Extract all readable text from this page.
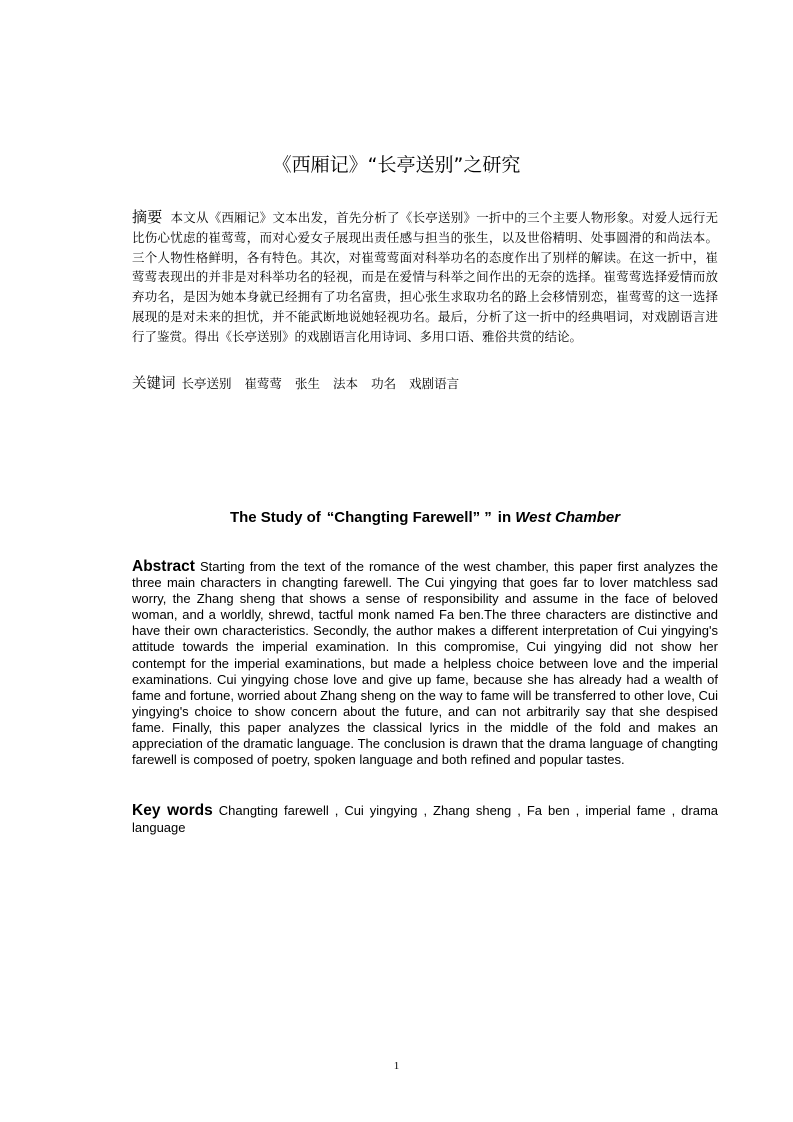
《西厢记》“长亭送别”之研究

摘要 本文从《西厢记》文本出发，首先分析了《长亭送别》一折中的三个主要人物形象。对爱人远行无比伤心忧虑的崔莺莺，而对心爱女子展现出责任感与担当的张生，以及世俗精明、处事圆滑的和尚法本。三个人物性格鲜明，各有特色。其次，对崔莺莺面对科举功名的态度作出了别样的解读。在这一折中，崔莺莺表现出的并非是对科举功名的轻视，而是在爱情与科举之间作出的无奈的选择。崔莺莺选择爱情而放弃功名，是因为她本身就已经拥有了功名富贵，担心张生求取功名的路上会移情别恋，崔莺莺的这一选择展现的是对未来的担忧，并不能武断地说她轻视功名。最后，分析了这一折中的经典唱词，对戏剧语言进行了鉴赏。得出《长亭送别》的戏剧语言化用诗词、多用口语、雅俗共赏的结论。

关键词 长亭送别 崔莺莺 张生 法本 功名 戏剧语言

The Study of “Changting Farewell” ” in West Chamber

Abstract Starting from the text of the romance of the west chamber, this paper first analyzes the three main characters in changting farewell. The Cui yingying that goes far to lover matchless sad worry, the Zhang sheng that shows a sense of responsibility and assume in the face of beloved woman, and a worldly, shrewd, tactful monk named Fa ben.The three characters are distinctive and have their own characteristics. Secondly, the author makes a different interpretation of Cui yingying's attitude towards the imperial examination. In this compromise, Cui yingying did not show her contempt for the imperial examinations, but made a helpless choice between love and the imperial examinations. Cui yingying chose love and give up fame, because she has already had a wealth of fame and fortune, worried about Zhang sheng on the way to fame will be transferred to other love, Cui yingying's choice to show concern about the future, and can not arbitrarily say that she despised fame. Finally, this paper analyzes the classical lyrics in the middle of the fold and makes an appreciation of the dramatic language. The conclusion is drawn that the drama language of changting farewell is composed of poetry, spoken language and both refined and popular tastes.

Key words Changting farewell , Cui yingying , Zhang sheng , Fa ben , imperial fame , drama language

1
